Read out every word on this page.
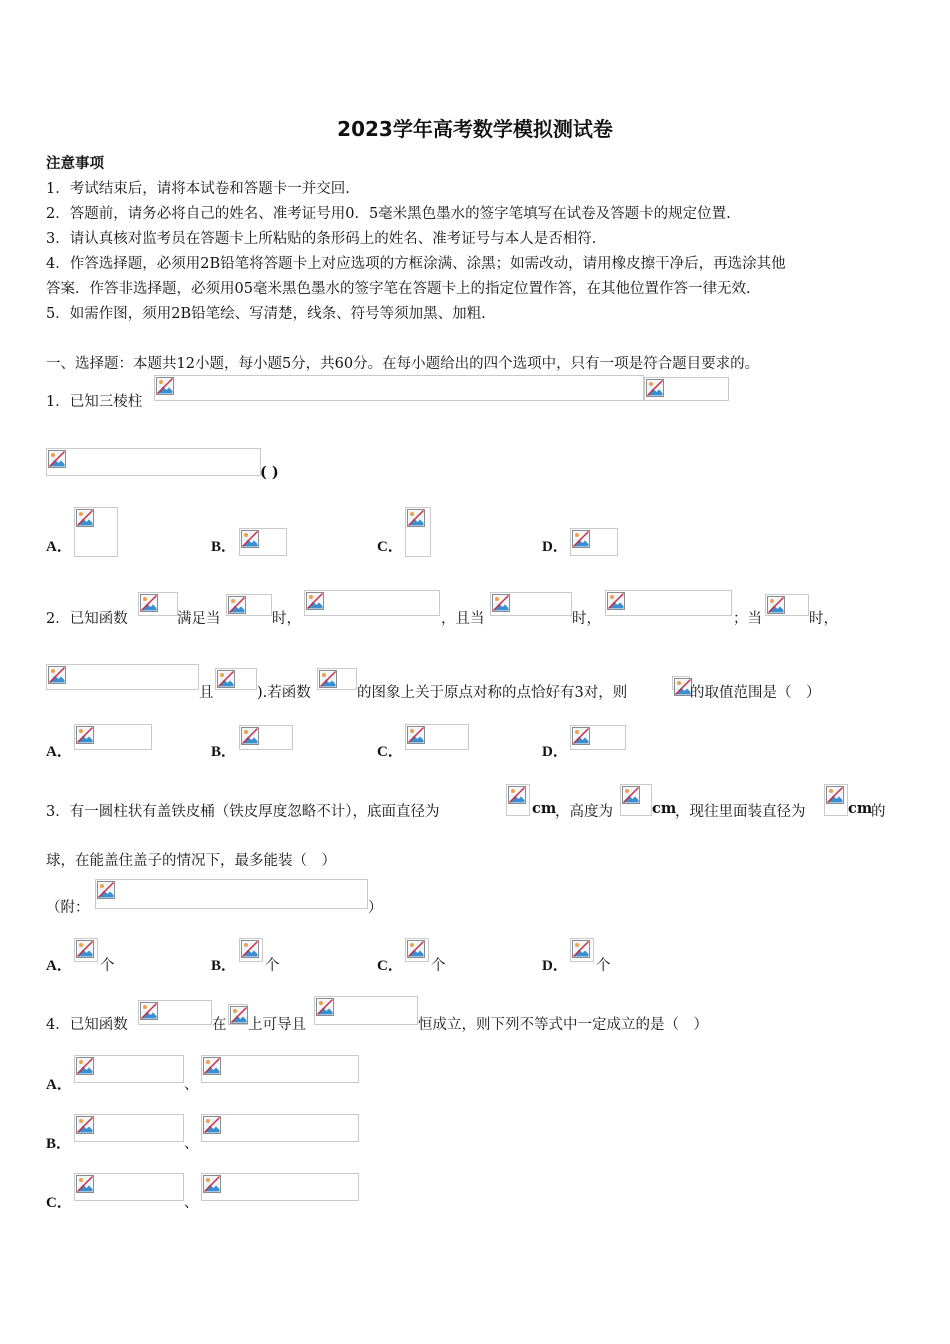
2023学年高考数学模拟测试卷
注意事项
1．考试结束后，请将本试卷和答题卡一并交回.
2．答题前，请务必将自己的姓名、准考证号用0．5毫米黑色墨水的签字笔填写在试卷及答题卡的规定位置.
3．请认真核对监考员在答题卡上所粘贴的条形码上的姓名、准考证号与本人是否相符.
4．作答选择题，必须用2B铅笔将答题卡上对应选项的方框涂满、涂黑；如需改动，请用橡皮擦干净后，再选涂其他
答案．作答非选择题，必须用05毫米黑色墨水的签字笔在答题卡上的指定位置作答，在其他位置作答一律无效.
5．如需作图，须用2B铅笔绘、写清楚，线条、符号等须加黑、加粗.
一、选择题：本题共12小题，每小题5分，共60分。在每小题给出的四个选项中，只有一项是符合题目要求的。
1．已知三棱柱
( )
A．	B．	C．	D．
2．已知函数	满足当	时，	，且当	时，	；当	时，
且	).若函数	的图象上关于原点对称的点恰好有3对，则	的取值范围是（　）
A．	B．	C．	D．
3．有一圆柱状有盖铁皮桶（铁皮厚度忽略不计），底面直径为	cm
，高度为	cm
，现往里面装直径为	cm
的
球，在能盖住盖子的情况下，最多能装（　）
（附：	）
A． 个	B． 个	C． 个	D． 个
4．已知函数	在 上可导且	恒成立，则下列不等式中一定成立的是（　）
A．	、
B．	、
C．	、
